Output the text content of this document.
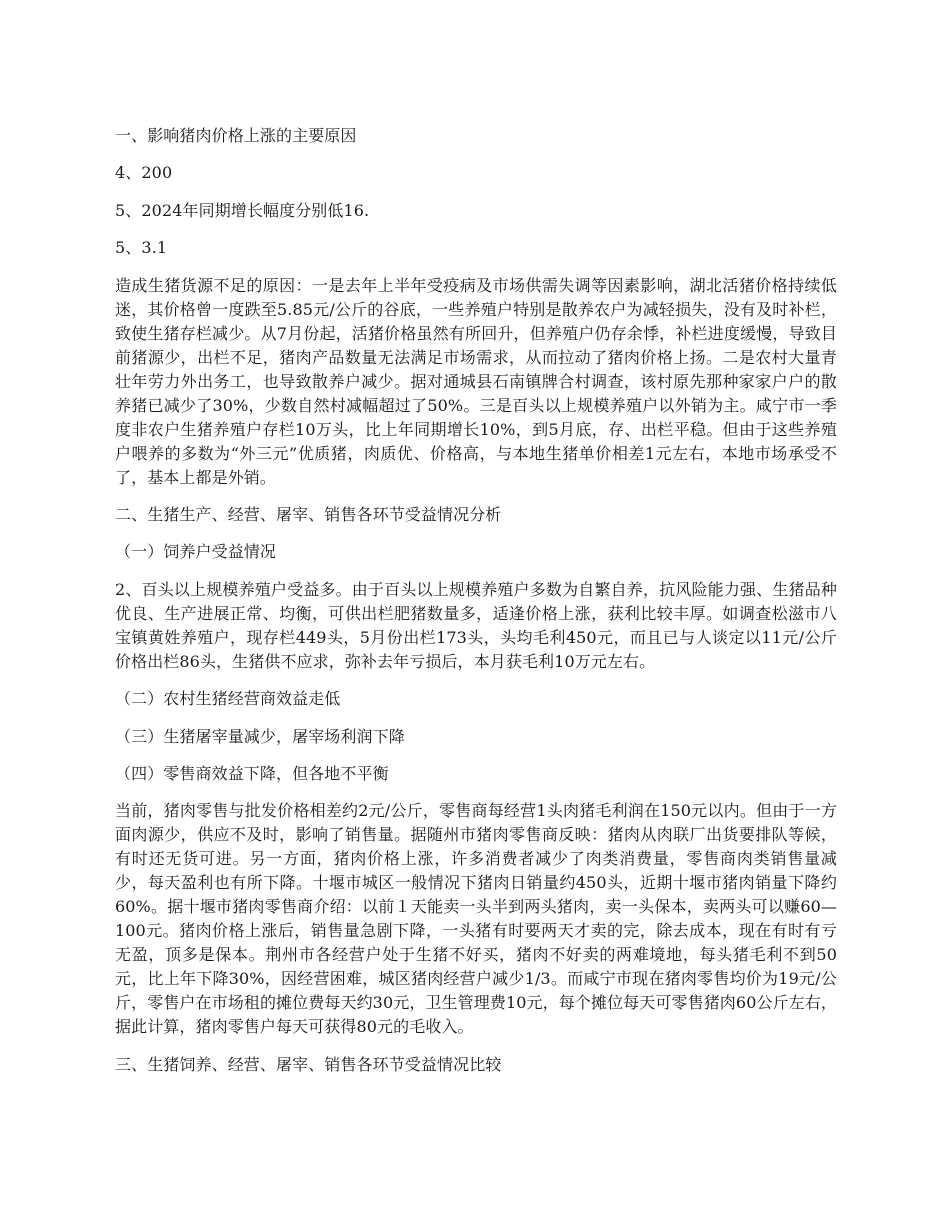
一、影响猪肉价格上涨的主要原因

4、200

5、2024年同期增长幅度分别低16.

5、3.1

造成生猪货源不足的原因：一是去年上半年受疫病及市场供需失调等因素影响，湖北活猪价格持续低迷，其价格曾一度跌至5.85元/公斤的谷底，一些养殖户特别是散养农户为减轻损失，没有及时补栏，致使生猪存栏减少。从7月份起，活猪价格虽然有所回升，但养殖户仍存余悸，补栏进度缓慢，导致目前猪源少，出栏不足，猪肉产品数量无法满足市场需求，从而拉动了猪肉价格上扬。二是农村大量青壮年劳力外出务工，也导致散养户减少。据对通城县石南镇牌合村调查，该村原先那种家家户户的散养猪已减少了30%，少数自然村减幅超过了50%。三是百头以上规模养殖户以外销为主。咸宁市一季度非农户生猪养殖户存栏10万头，比上年同期增长10%，到5月底，存、出栏平稳。但由于这些养殖户喂养的多数为“外三元”优质猪，肉质优、价格高，与本地生猪单价相差1元左右，本地市场承受不了，基本上都是外销。

二、生猪生产、经营、屠宰、销售各环节受益情况分析

（一）饲养户受益情况

2、百头以上规模养殖户受益多。由于百头以上规模养殖户多数为自繁自养，抗风险能力强、生猪品种优良、生产进展正常、均衡，可供出栏肥猪数量多，适逢价格上涨，获利比较丰厚。如调查松滋市八宝镇黄姓养殖户，现存栏449头，5月份出栏173头，头均毛利450元，而且已与人谈定以11元/公斤价格出栏86头，生猪供不应求，弥补去年亏损后，本月获毛利10万元左右。

（二）农村生猪经营商效益走低

（三）生猪屠宰量减少，屠宰场利润下降

（四）零售商效益下降，但各地不平衡

当前，猪肉零售与批发价格相差约2元/公斤，零售商每经营1头肉猪毛利润在150元以内。但由于一方面肉源少，供应不及时，影响了销售量。据随州市猪肉零售商反映：猪肉从肉联厂出货要排队等候，有时还无货可进。另一方面，猪肉价格上涨，许多消费者减少了肉类消费量，零售商肉类销售量减少，每天盈利也有所下降。十堰市城区一般情况下猪肉日销量约450头，近期十堰市猪肉销量下降约60%。据十堰市猪肉零售商介绍：以前１天能卖一头半到两头猪肉，卖一头保本，卖两头可以赚60—100元。猪肉价格上涨后，销售量急剧下降，一头猪有时要两天才卖的完，除去成本，现在有时有亏无盈，顶多是保本。荆州市各经营户处于生猪不好买，猪肉不好卖的两难境地，每头猪毛利不到50元，比上年下降30%，因经营困难，城区猪肉经营户减少1/3。而咸宁市现在猪肉零售均价为19元/公斤，零售户在市场租的摊位费每天约30元，卫生管理费10元，每个摊位每天可零售猪肉60公斤左右，据此计算，猪肉零售户每天可获得80元的毛收入。

三、生猪饲养、经营、屠宰、销售各环节受益情况比较
